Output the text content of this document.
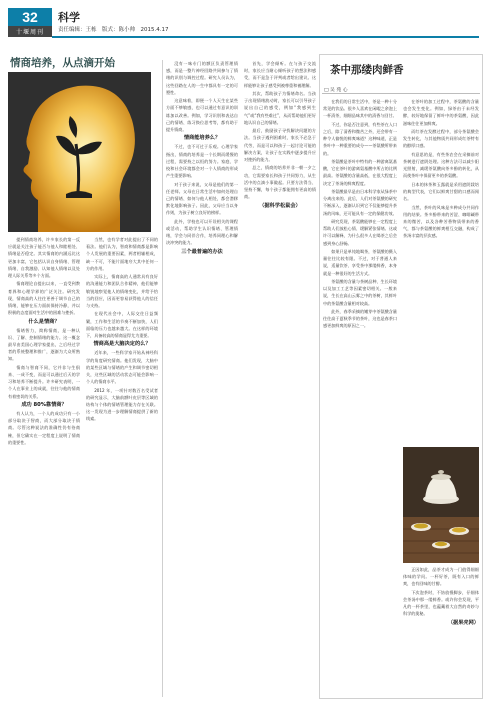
32
十堰周刊
科学
责任编辑：王栋　版式：陈小帅　2015.4.17
情商培养，从点滴开始

提到情商培养，许多家长的第一反应就是关注孩子能否与他人和睦相处、情绪是否稳定。其实情商的内涵远比这更加丰富，它包括认识自身情绪、管理情绪、自我激励、认知他人情绪以及处理人际关系等多个方面。

情商理论自提出以来，一直受到教育界和心理学界的广泛关注。研究发现，情商高的人往往更善于调节自己的情绪，能够在压力面前保持冷静，并以积极的态度面对生活中的困难与挫折。

什么是情商？

情绪智力，简称情商，是一种认识、了解、控制情绪的能力。这一概念最早由美国心理学家提出，之后经过学者的系统整理和推广，逐渐为大众所熟知。

情商与智商不同，它并非与生俱来、一成不变，而是可以通过后天的学习和培养不断提升。许多研究表明，一个人在事业上的成就，往往与他的情商有着密切的关系。

成功 80%靠情商？

有人认为，一个人的成功只有一小部分取决于智商，而大部分取决于情商。尽管这种说法的准确性仍有待商榷，但它确实在一定程度上说明了情商的重要性。

当然，也有学者对此提出了不同的看法。他们认为，智商和情商都是影响个人发展的重要因素，两者相辅相成，缺一不可，不能片面地夸大其中任何一方的作用。

实际上，情商高的人通常具有良好的沟通能力和团队合作精神，他们能够敏锐地察觉他人的情绪变化，并给予恰当的回应，因而更容易获得他人的信任与支持。

在现代社会中，人际交往日益频繁，工作和生活的节奏不断加快，人们面临的压力也越来越大。在这样的环境下，具备较高的情商显得尤为重要。

情商高是大脑决定的么？

近年来，一些科学家开始从神经科学的角度研究情商。他们发现，大脑中的某些区域与情绪的产生和调节密切相关，这些区域的活动状态可能会影响一个人的情商水平。

2012 年，一项针对数百名受试者的研究显示，大脑前额叶皮层等区域的结构与个体的情绪管理能力存在关联。这一发现为进一步理解情商提供了新的线索。

没有一味专门的额区负责管理情感，而是一整片神经回路共同参与了情绪的识别与调控过程。研究人员认为，这些回路在人的一生中都具有一定的可塑性。

这意味着，即便一个人天生在某些方面不够敏感，也可以通过有意识的训练加以改善。例如，学习识别和表达自己的情绪、练习换位思考等，都有助于提升情商。

情商能培养么？

不过，也不可过于乐观。心理学家指出，情商的培养是一个长期而缓慢的过程，需要持之以恒的努力。家庭、学校和社会环境都会对一个人情商的形成产生重要影响。

对于孩子来说，父母是他们的第一任老师。父母在日常生活中如何处理自己的情绪、如何与他人相处，都会潜移默化地影响孩子。因此，父母应当以身作则，为孩子树立良好的榜样。

此外，学校也可以开设相关的课程或活动，帮助学生认识情绪、管理情绪，学会与同伴合作，培养同理心和解决冲突的能力。

三个最普遍的办法

首先，学会倾听。在与孩子交流时，家长应当耐心倾听孩子的想法和感受，而不是急于评判或者给出建议。这样能够让孩子感受到被尊重和被理解。

其次，帮助孩子为情绪命名。当孩子出现情绪波动时，家长可以引导孩子说出自己的感受，例如“我感到生气”或“我有些难过”，从而帮助他们更好地认识自己的情绪。

最后，鼓励孩子寻找解决问题的方法。当孩子遇到困难时，家长不必急于代劳，而是可以和孩子一起讨论可能的解决方案，让孩子在实践中逐步提升应对挫折的能力。

总之，情商的培养并非一朝一夕之功，它需要家长和孩子共同努力，从生活中的点滴小事做起。只要方法得当、坚持不懈，每个孩子都能拥有更高的情商。

（据科学松鼠会）
茶中那缕肉鲜香
□ 吴 苑 心

在我们的日常生活中，茶是一种十分常见的饮品。很多人喜欢在闲暇之余泡上一杯清茶，细细品味其中的清香与回甘。

不过，你是否注意到，有些茶在入口之后，除了清香和微苦之外，还会带有一种令人愉悦的鲜爽味道？这种味道，正是茶叶中一种重要的成分——茶氨酸所带来的。

茶氨酸是茶叶中特有的一种游离氨基酸，它在茶叶的游离氨基酸中所占的比例最高。茶氨酸的含量高低，在很大程度上决定了茶汤的鲜爽程度。

茶氨酸最早是由日本科学家从绿茶中分离出来的。此后，人们对茶氨酸的研究不断深入，逐渐认识到它不仅能够提升茶汤的风味，还可能具有一定的保健功效。

研究发现，茶氨酸能够在一定程度上帮助人们放松心情、缓解紧张情绪。这或许可以解释，为什么很多人在喝茶之后会感到身心舒畅。

如果只是单纯地喝茶，茶氨酸的摄入量往往比较有限。不过，对于普通人来说，适量饮茶、享受茶中那缕鲜香，本身就是一种很好的生活方式。

茶氨酸的含量与茶树品种、生长环境以及加工工艺等因素密切相关。一般来说，生长在高山云雾之中的茶树，其鲜叶中的茶氨酸含量相对较高。

此外，春季采摘的嫩芽中茶氨酸含量往往高于夏秋季节的茶叶，这也是春茶口感更加鲜爽的原因之一。

在茶叶的加工过程中，茶氨酸的含量也会发生变化。例如，绿茶由于未经发酵，较好地保留了鲜叶中的茶氨酸，因此滋味往往更加鲜爽。

而红茶在发酵过程中，部分茶氨酸会发生转化，与其他物质共同形成红茶特有的醇厚口感。

有意思的是，有些茶农会在采摘前对茶树进行遮阴处理。这种方法可以减少阳光照射，减缓茶氨酸向茶多酚的转化，从而使茶叶中保留更多的茶氨酸。

日本的抹茶和玉露就是采用遮阴栽培的典型代表，它们以鲜爽甘甜的口感而闻名。

当然，茶叶的风味是多种成分共同作用的结果。茶多酚带来的苦涩、咖啡碱带来的微苦，以及各种芳香物质带来的香气，都与茶氨酸的鲜爽相互交融，构成了茶汤丰富的层次感。

正因如此，品茶才成为一门值得细细体味的学问。一杯好茶，既有入口的鲜爽，也有回味的甘醇。

下次泡茶时，不妨放慢脚步，仔细体会茶汤中那一缕鲜香。或许你会发现，平凡的一杯茶里，也蕴藏着大自然的奇妙与科学的奥秘。

（据果壳网）
